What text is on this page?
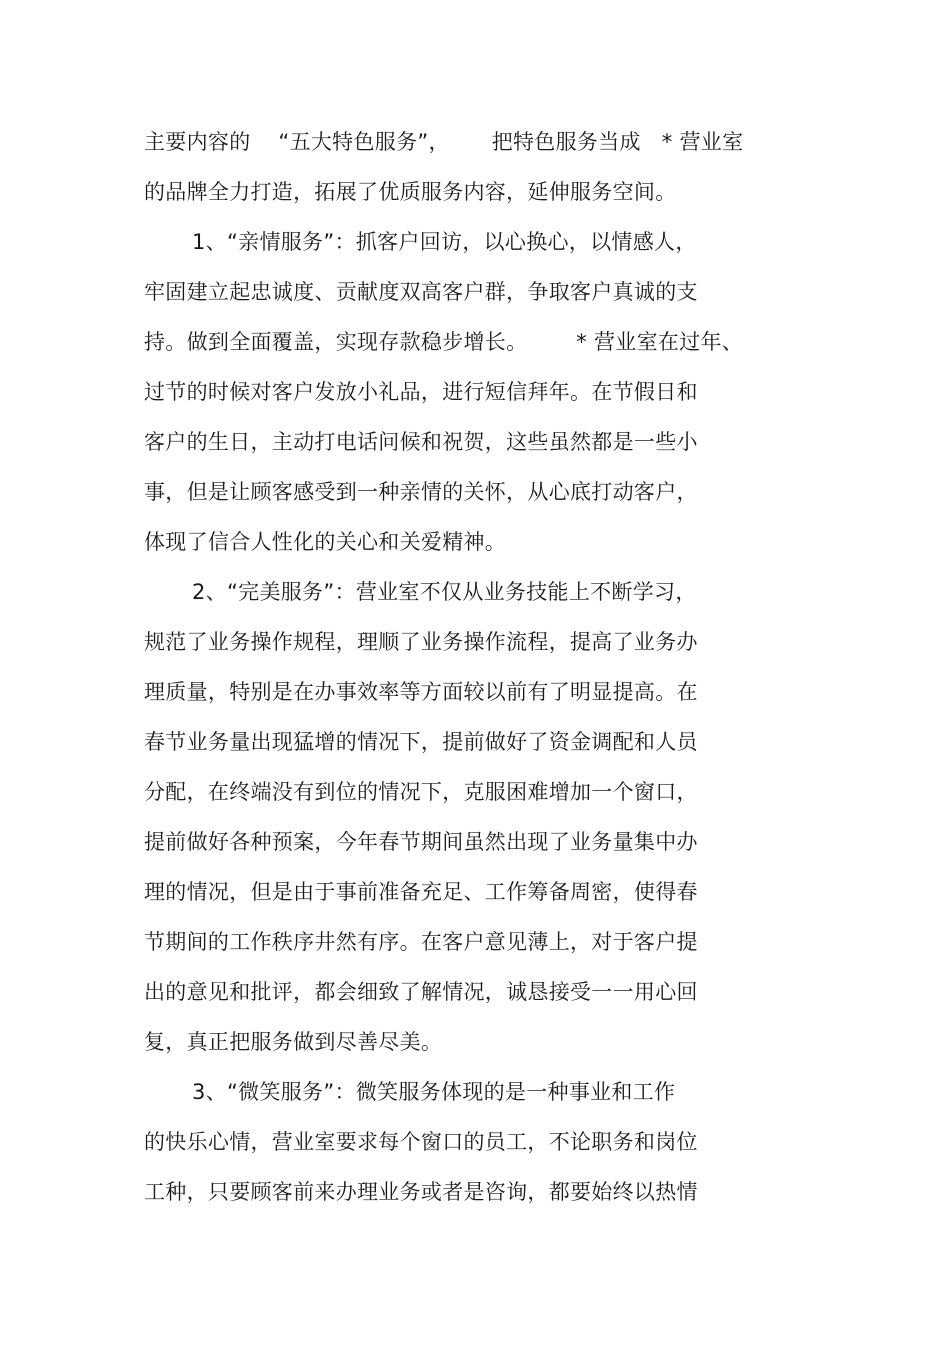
主要内容的    “五大特色服务”，      把特色服务当成   * 营业室
的品牌全力打造，拓展了优质服务内容，延伸服务空间。
1、“亲情服务”：抓客户回访，以心换心，以情感人，
牢固建立起忠诚度、贡献度双高客户群，争取客户真诚的支
持。做到全面覆盖，实现存款稳步增长。       * 营业室在过年、
过节的时候对客户发放小礼品，进行短信拜年。在节假日和
客户的生日，主动打电话问候和祝贺，这些虽然都是一些小
事，但是让顾客感受到一种亲情的关怀，从心底打动客户，
体现了信合人性化的关心和关爱精神。
2、“完美服务”：营业室不仅从业务技能上不断学习，
规范了业务操作规程，理顺了业务操作流程，提高了业务办
理质量，特别是在办事效率等方面较以前有了明显提高。在
春节业务量出现猛增的情况下，提前做好了资金调配和人员
分配，在终端没有到位的情况下，克服困难增加一个窗口，
提前做好各种预案，今年春节期间虽然出现了业务量集中办
理的情况，但是由于事前准备充足、工作筹备周密，使得春
节期间的工作秩序井然有序。在客户意见薄上，对于客户提
出的意见和批评，都会细致了解情况，诚恳接受一一用心回
复，真正把服务做到尽善尽美。
3、“微笑服务”：微笑服务体现的是一种事业和工作
的快乐心情，营业室要求每个窗口的员工，不论职务和岗位
工种，只要顾客前来办理业务或者是咨询，都要始终以热情
